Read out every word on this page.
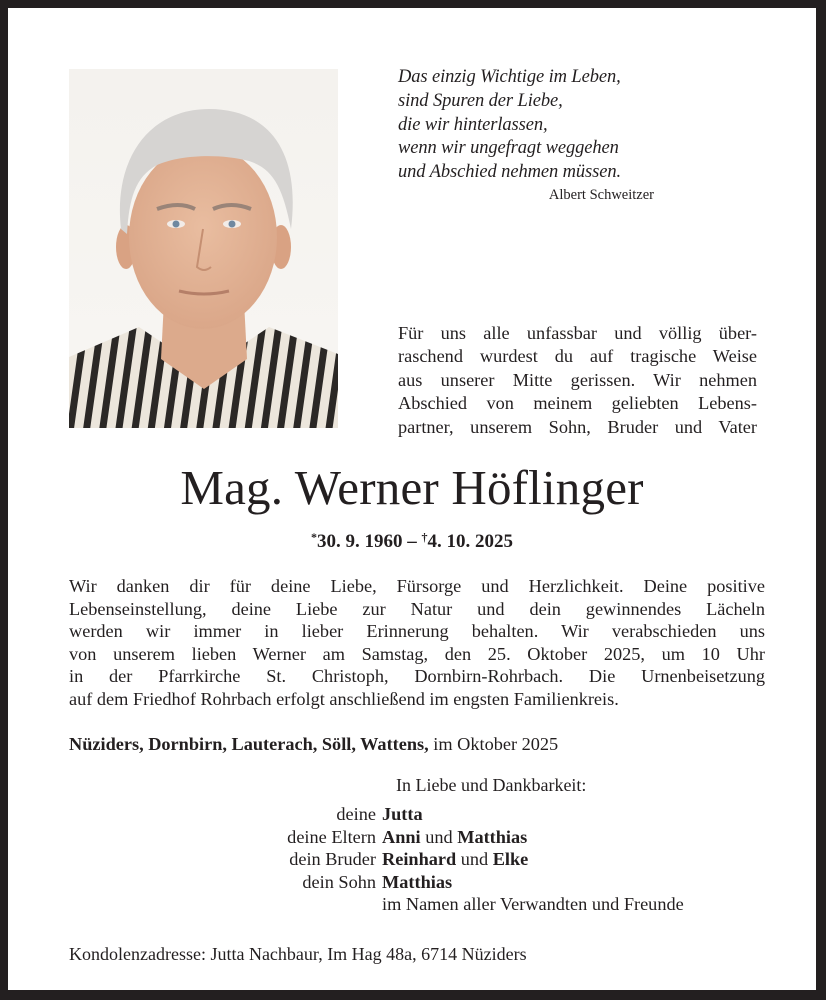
Das einzig Wichtige im Leben,
sind Spuren der Liebe,
die wir hinterlassen,
wenn wir ungefragt weggehen
und Abschied nehmen müssen.
Albert Schweitzer
Für uns alle unfassbar und völlig über-
raschend wurdest du auf tragische Weise
aus unserer Mitte gerissen. Wir nehmen
Abschied von meinem geliebten Lebens-
partner, unserem Sohn, Bruder und Vater
Mag. Werner Höflinger
*30. 9. 1960 – †4. 10. 2025
Wir danken dir für deine Liebe, Fürsorge und Herzlichkeit. Deine positive
Lebenseinstellung, deine Liebe zur Natur und dein gewinnendes Lächeln
werden wir immer in lieber Erinnerung behalten. Wir verabschieden uns
von unserem lieben Werner am Samstag, den 25. Oktober 2025, um 10 Uhr
in der Pfarrkirche St. Christoph, Dornbirn-Rohrbach. Die Urnenbeisetzung
auf dem Friedhof Rohrbach erfolgt anschließend im engsten Familienkreis.
Nüziders, Dornbirn, Lauterach, Söll, Wattens, im Oktober 2025
In Liebe und Dankbarkeit:
deine Jutta
deine Eltern Anni und Matthias
dein Bruder Reinhard und Elke
dein Sohn Matthias
im Namen aller Verwandten und Freunde
Kondolenzadresse: Jutta Nachbaur, Im Hag 48a, 6714 Nüziders
